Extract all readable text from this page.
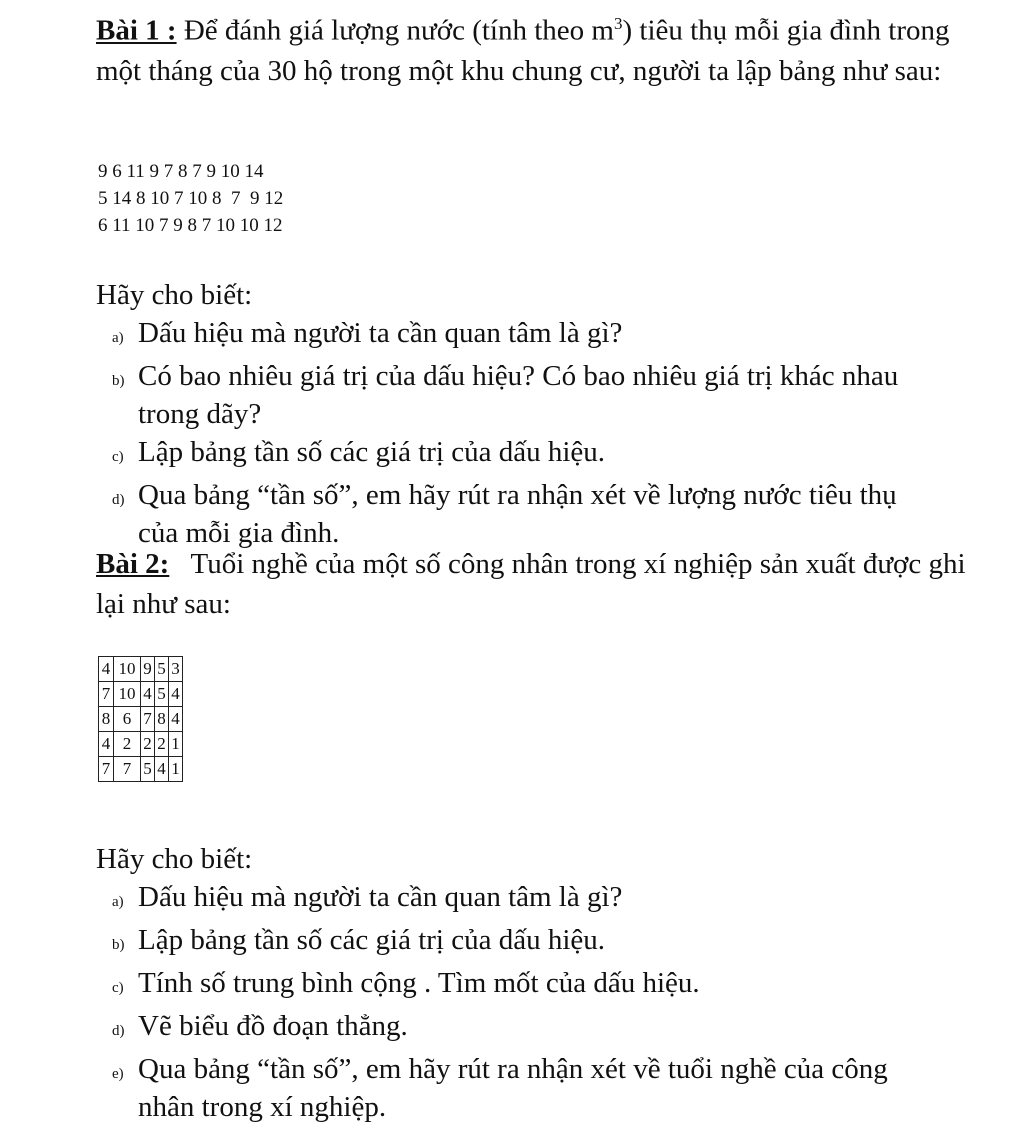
Bài 1 : Để đánh giá lượng nước (tính theo $m^3$) tiêu thụ mỗi gia đình trong một tháng của 30 hộ trong một khu chung cư, người ta lập bảng như sau:
9 6 11 9 7 8 7 9 10 14
5 14 8 10 7 10 8  7  9 12
6 11 10 7 9 8 7 10 10 12
Hãy cho biết:
a) Dấu hiệu mà người ta cần quan tâm là gì?
b) Có bao nhiêu giá trị của dấu hiệu? Có bao nhiêu giá trị khác nhau trong dãy?
c) Lập bảng tần số các giá trị của dấu hiệu.
d) Qua bảng “tần số”, em hãy rút ra nhận xét về lượng nước tiêu thụ của mỗi gia đình.
Bài 2:   Tuổi nghề của một số công nhân trong xí nghiệp sản xuất được ghi lại như sau:
4	10	9	5	3
7	10	4	5	4
8	6	7	8	4
4	2	2	2	1
7	7	5	4	1
Hãy cho biết:
a) Dấu hiệu mà người ta cần quan tâm là gì?
b) Lập bảng tần số các giá trị của dấu hiệu.
c) Tính số trung bình cộng . Tìm mốt của dấu hiệu.
d) Vẽ biểu đồ đoạn thẳng.
e) Qua bảng “tần số”, em hãy rút ra nhận xét về tuổi nghề của công nhân trong xí nghiệp.
